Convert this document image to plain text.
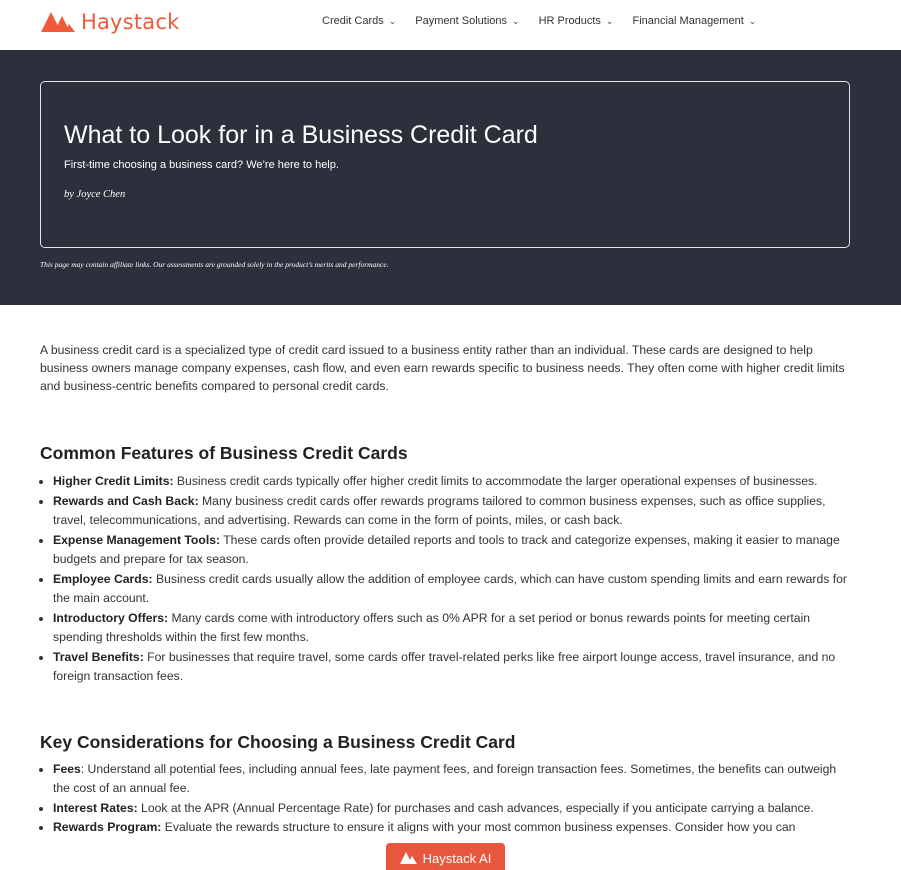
Haystack	Credit Cards ⌄ Payment Solutions ⌄ HR Products ⌄ Financial Management ⌄
What to Look for in a Business Credit Card

First-time choosing a business card? We’re here to help.

by Joyce Chen

This page may contain affiliate links. Our assessments are grounded solely in the product’s merits and performance.

A business credit card is a specialized type of credit card issued to a business entity rather than an individual. These cards are designed to help business owners manage company expenses, cash flow, and even earn rewards specific to business needs. They often come with higher credit limits and business-centric benefits compared to personal credit cards.

Common Features of Business Credit Cards
• Higher Credit Limits: Business credit cards typically offer higher credit limits to accommodate the larger operational expenses of businesses.
• Rewards and Cash Back: Many business credit cards offer rewards programs tailored to common business expenses, such as office supplies, travel, telecommunications, and advertising. Rewards can come in the form of points, miles, or cash back.
• Expense Management Tools: These cards often provide detailed reports and tools to track and categorize expenses, making it easier to manage budgets and prepare for tax season.
• Employee Cards: Business credit cards usually allow the addition of employee cards, which can have custom spending limits and earn rewards for the main account.
• Introductory Offers: Many cards come with introductory offers such as 0% APR for a set period or bonus rewards points for meeting certain spending thresholds within the first few months.
• Travel Benefits: For businesses that require travel, some cards offer travel-related perks like free airport lounge access, travel insurance, and no foreign transaction fees.
Key Considerations for Choosing a Business Credit Card
• Fees: Understand all potential fees, including annual fees, late payment fees, and foreign transaction fees. Sometimes, the benefits can outweigh the cost of an annual fee.
• Interest Rates: Look at the APR (Annual Percentage Rate) for purchases and cash advances, especially if you anticipate carrying a balance.
• Rewards Program: Evaluate the rewards structure to ensure it aligns with your most common business expenses. Consider how you can
Haystack AI
